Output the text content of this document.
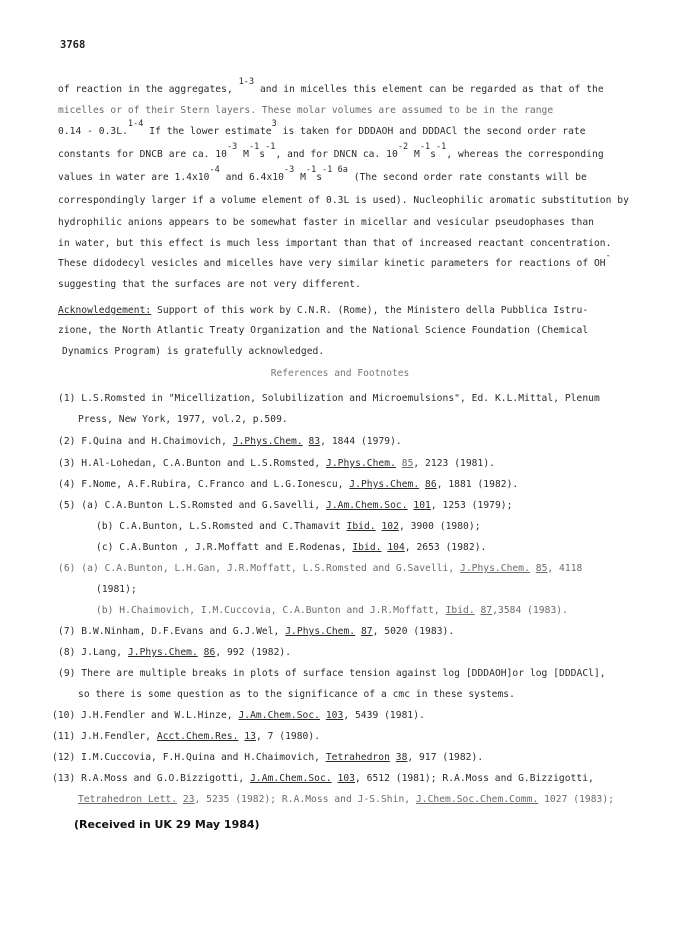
3768
of reaction in the aggregates, 1-3 and in micelles this element can be regarded as that of the
micelles or of their Stern layers. These molar volumes are assumed to be in the range
0.14 - 0.3L.1-4 If the lower estimate3 is taken for DDDAOH and DDDACl the second order rate
constants for DNCB are ca. 10-3 M-1s-1, and for DNCN ca. 10-2 M-1s-1, whereas the corresponding
values in water are 1.4x10-4 and 6.4x10-3 M-1s-1 6a (The second order rate constants will be
correspondingly larger if a volume element of 0.3L is used). Nucleophilic aromatic substitution by
hydrophilic anions appears to be somewhat faster in micellar and vesicular pseudophases than
in water, but this effect is much less important than that of increased reactant concentration.
These didodecyl vesicles and micelles have very similar kinetic parameters for reactions of OH-
suggesting that the surfaces are not very different.
Acknowledgement: Support of this work by C.N.R. (Rome), the Ministero della Pubblica Istru-
zione, the North Atlantic Treaty Organization and the National Science Foundation (Chemical
Dynamics Program) is gratefully acknowledged.
References and Footnotes
(1) L.S.Romsted in "Micellization, Solubilization and Microemulsions", Ed. K.L.Mittal, Plenum
Press, New York, 1977, vol.2, p.509.
(2) F.Quina and H.Chaimovich, J.Phys.Chem. 83, 1844 (1979).
(3) H.Al-Lohedan, C.A.Bunton and L.S.Romsted, J.Phys.Chem. 85, 2123 (1981).
(4) F.Nome, A.F.Rubira, C.Franco and L.G.Ionescu, J.Phys.Chem. 86, 1881 (1982).
(5) (a) C.A.Bunton L.S.Romsted and G.Savelli, J.Am.Chem.Soc. 101, 1253 (1979);
(b) C.A.Bunton, L.S.Romsted and C.Thamavit Ibid. 102, 3900 (1980);
(c) C.A.Bunton , J.R.Moffatt and E.Rodenas, Ibid. 104, 2653 (1982).
(6) (a) C.A.Bunton, L.H.Gan, J.R.Moffatt, L.S.Romsted and G.Savelli, J.Phys.Chem. 85, 4118
(1981);
(b) H.Chaimovich, I.M.Cuccovia, C.A.Bunton and J.R.Moffatt, Ibid. 87,3584 (1983).
(7) B.W.Ninham, D.F.Evans and G.J.Wel, J.Phys.Chem. 87, 5020 (1983).
(8) J.Lang, J.Phys.Chem. 86, 992 (1982).
(9) There are multiple breaks in plots of surface tension against log [DDDAOH]or log [DDDACl],
so there is some question as to the significance of a cmc in these systems.
(10) J.H.Fendler and W.L.Hinze, J.Am.Chem.Soc. 103, 5439 (1981).
(11) J.H.Fendler, Acct.Chem.Res. 13, 7 (1980).
(12) I.M.Cuccovia, F.H.Quina and H.Chaimovich, Tetrahedron 38, 917 (1982).
(13) R.A.Moss and G.O.Bizzigotti, J.Am.Chem.Soc. 103, 6512 (1981); R.A.Moss and G.Bizzigotti,
Tetrahedron Lett. 23, 5235 (1982); R.A.Moss and J-S.Shin, J.Chem.Soc.Chem.Comm. 1027 (1983);
(Received in UK 29 May 1984)
